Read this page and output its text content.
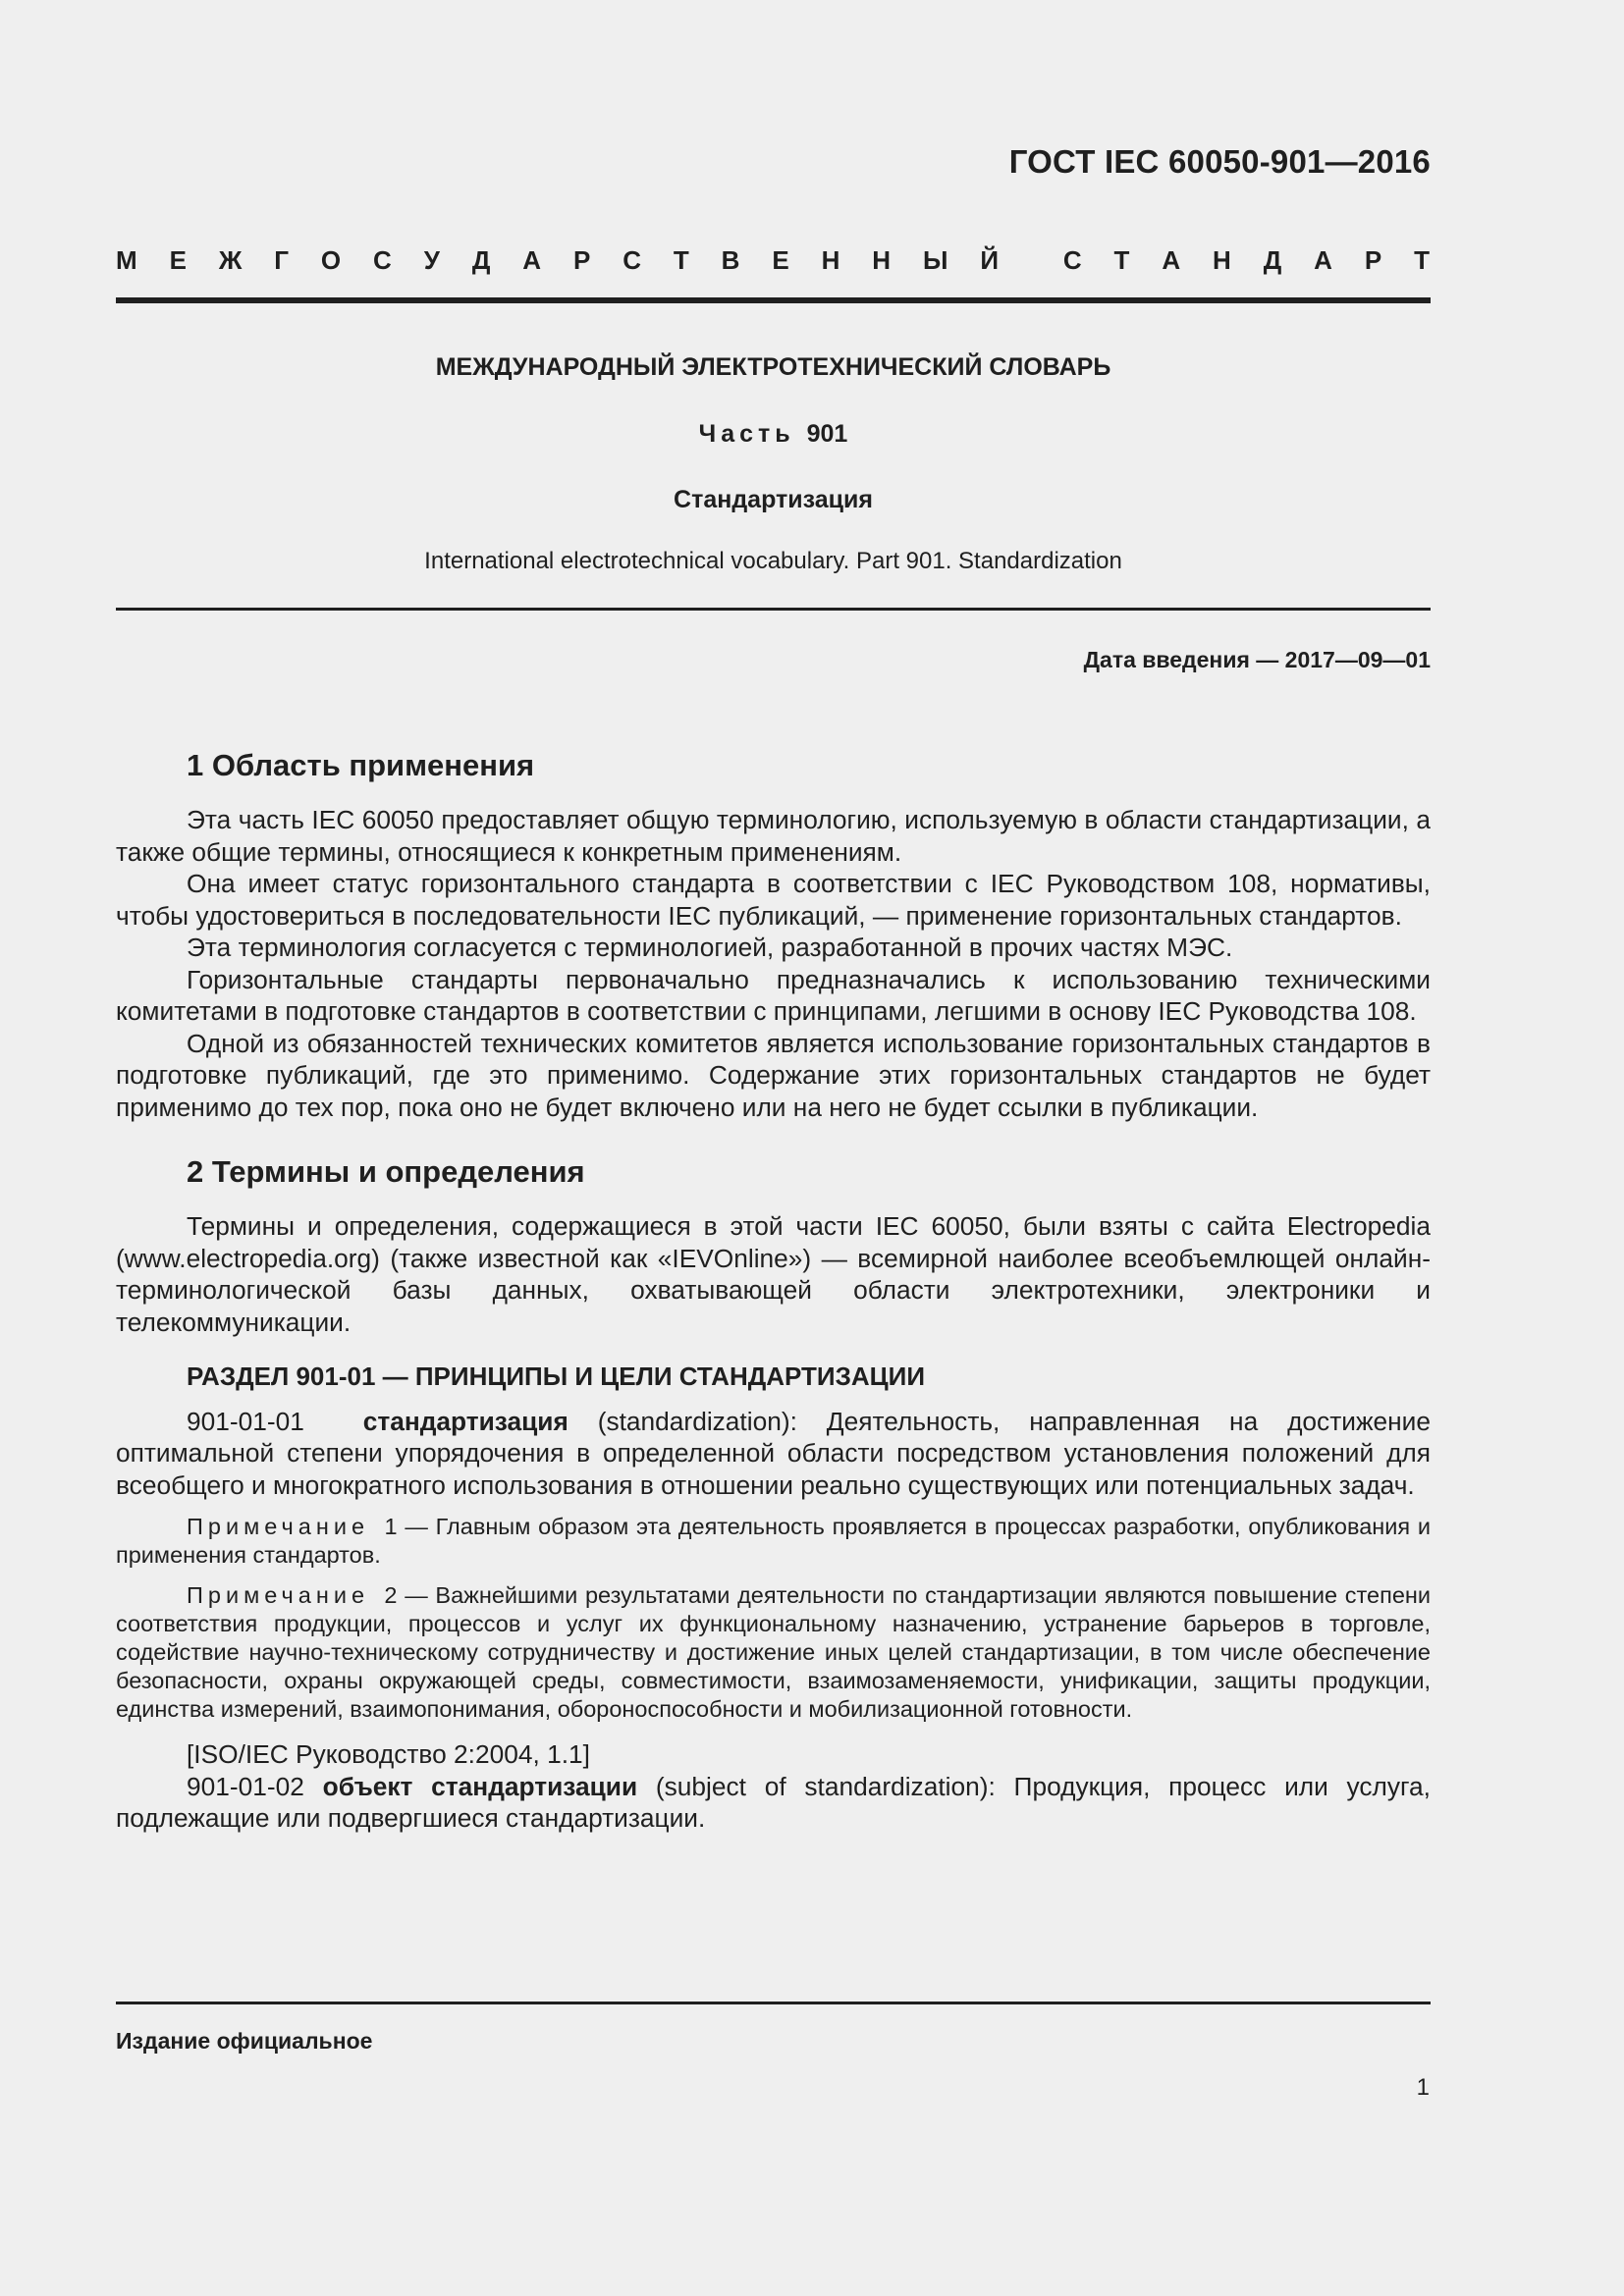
ГОСТ IEC 60050-901—2016
М Е Ж Г О С У Д А Р С Т В Е Н Н Ы Й	С Т А Н Д А Р Т
МЕЖДУНАРОДНЫЙ ЭЛЕКТРОТЕХНИЧЕСКИЙ СЛОВАРЬ
Часть 901
Стандартизация
International electrotechnical vocabulary. Part 901. Standardization
Дата введения — 2017—09—01
1 Область применения

Эта часть IEC 60050 предоставляет общую терминологию, используемую в области стандартизации, а также общие термины, относящиеся к конкретным применениям.

Она имеет статус горизонтального стандарта в соответствии с IEC Руководством 108, нормативы, чтобы удостовериться в последовательности IEC публикаций, — применение горизонтальных стандартов.

Эта терминология согласуется с терминологией, разработанной в прочих частях МЭС.

Горизонтальные стандарты первоначально предназначались к использованию техническими комитетами в подготовке стандартов в соответствии с принципами, легшими в основу IEC Руководства 108.

Одной из обязанностей технических комитетов является использование горизонтальных стандартов в подготовке публикаций, где это применимо. Содержание этих горизонтальных стандартов не будет применимо до тех пор, пока оно не будет включено или на него не будет ссылки в публикации.

2 Термины и определения

Термины и определения, содержащиеся в этой части IEC 60050, были взяты с сайта Electropedia (www.electropedia.org) (также известной как «IEVOnline») — всемирной наиболее всеобъемлющей онлайн-терминологической базы данных, охватывающей области электротехники, электроники и телекоммуникации.

РАЗДЕЛ 901-01 — ПРИНЦИПЫ И ЦЕЛИ СТАНДАРТИЗАЦИИ

901-01-01 стандартизация (standardization): Деятельность, направленная на достижение оптимальной степени упорядочения в определенной области посредством установления положений для всеобщего и многократного использования в отношении реально существующих или потенциальных задач.

Примечание 1 — Главным образом эта деятельность проявляется в процессах разработки, опубликования и применения стандартов.

Примечание 2 — Важнейшими результатами деятельности по стандартизации являются повышение степени соответствия продукции, процессов и услуг их функциональному назначению, устранение барьеров в торговле, содействие научно-техническому сотрудничеству и достижение иных целей стандартизации, в том числе обеспечение безопасности, охраны окружающей среды, совместимости, взаимозаменяемости, унификации, защиты продукции, единства измерений, взаимопонимания, обороноспособности и мобилизационной готовности.

[ISO/IEC Руководство 2:2004, 1.1]

901-01-02 объект стандартизации (subject of standardization): Продукция, процесс или услуга, подлежащие или подвергшиеся стандартизации.

Издание официальное
1
